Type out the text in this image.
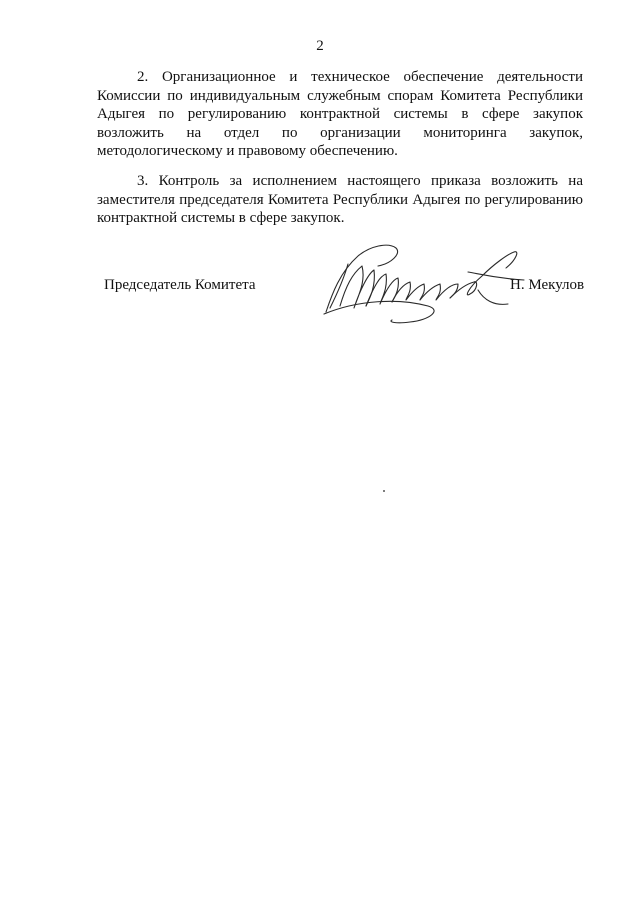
2

2. Организационное и техническое обеспечение деятельности Комиссии по индивидуальным служебным спорам Комитета Республики Адыгея по регулированию контрактной системы в сфере закупок возложить на отдел по организации мониторинга закупок, методологическому и правовому обеспечению.

3. Контроль за исполнением настоящего приказа возложить на заместителя председателя Комитета Республики Адыгея по регулированию контрактной системы в сфере закупок.

Председатель Комитета	Н. Мекулов
